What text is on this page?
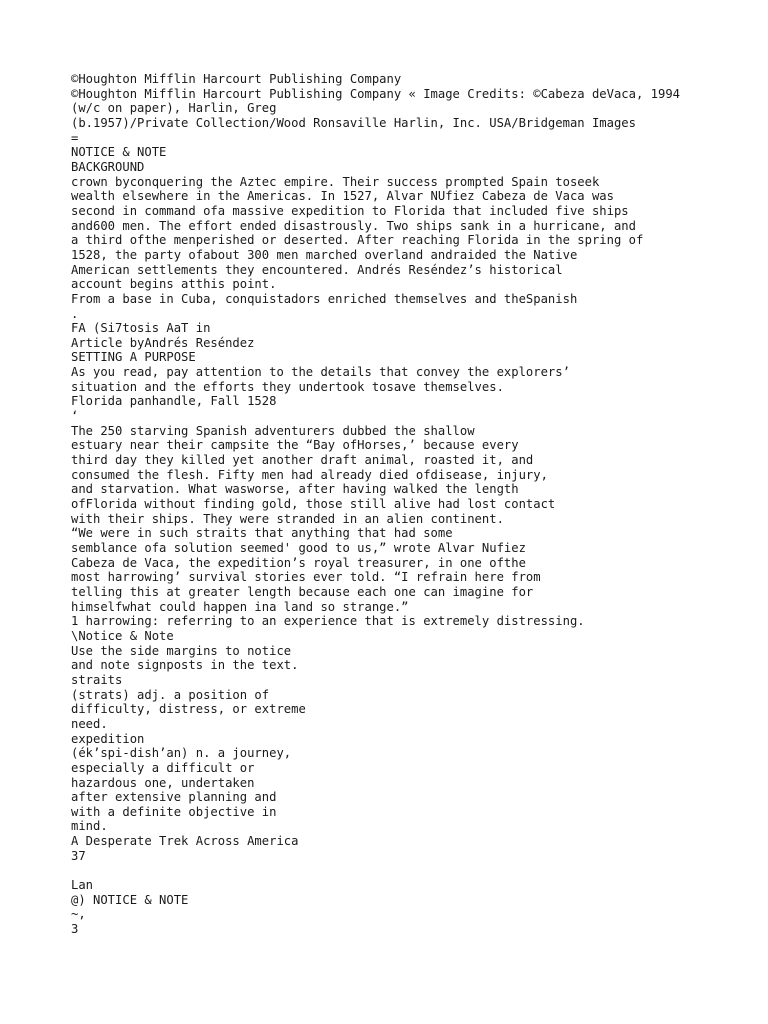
©Houghton Mifflin Harcourt Publishing Company
©Houghton Mifflin Harcourt Publishing Company « Image Credits: ©Cabeza deVaca, 1994
(w/c on paper), Harlin, Greg
(b.1957)/Private Collection/Wood Ronsaville Harlin, Inc. USA/Bridgeman Images
=
NOTICE & NOTE
BACKGROUND
crown byconquering the Aztec empire. Their success prompted Spain toseek
wealth elsewhere in the Americas. In 1527, Alvar NUfiez Cabeza de Vaca was
second in command ofa massive expedition to Florida that included five ships
and600 men. The effort ended disastrously. Two ships sank in a hurricane, and
a third ofthe menperished or deserted. After reaching Florida in the spring of
1528, the party ofabout 300 men marched overland andraided the Native
American settlements they encountered. Andrés Reséndez’s historical
account begins atthis point.
From a base in Cuba, conquistadors enriched themselves and theSpanish
.
FA (Si7tosis AaT in
Article byAndrés Reséndez
SETTING A PURPOSE
As you read, pay attention to the details that convey the explorers’
situation and the efforts they undertook tosave themselves.
Florida panhandle, Fall 1528
‘
The 250 starving Spanish adventurers dubbed the shallow
estuary near their campsite the “Bay ofHorses,’ because every
third day they killed yet another draft animal, roasted it, and
consumed the flesh. Fifty men had already died ofdisease, injury,
and starvation. What wasworse, after having walked the length
ofFlorida without finding gold, those still alive had lost contact
with their ships. They were stranded in an alien continent.
“We were in such straits that anything that had some
semblance ofa solution seemed' good to us,” wrote Alvar Nufiez
Cabeza de Vaca, the expedition’s royal treasurer, in one ofthe
most harrowing’ survival stories ever told. “I refrain here from
telling this at greater length because each one can imagine for
himselfwhat could happen ina land so strange.”
1 harrowing: referring to an experience that is extremely distressing.
\Notice & Note
Use the side margins to notice
and note signposts in the text.
straits
(strats) adj. a position of
difficulty, distress, or extreme
need.
expedition
(ék’spi-dish’an) n. a journey,
especially a difficult or
hazardous one, undertaken
after extensive planning and
with a definite objective in
mind.
A Desperate Trek Across America
37
Lan
@) NOTICE & NOTE
~,
3
